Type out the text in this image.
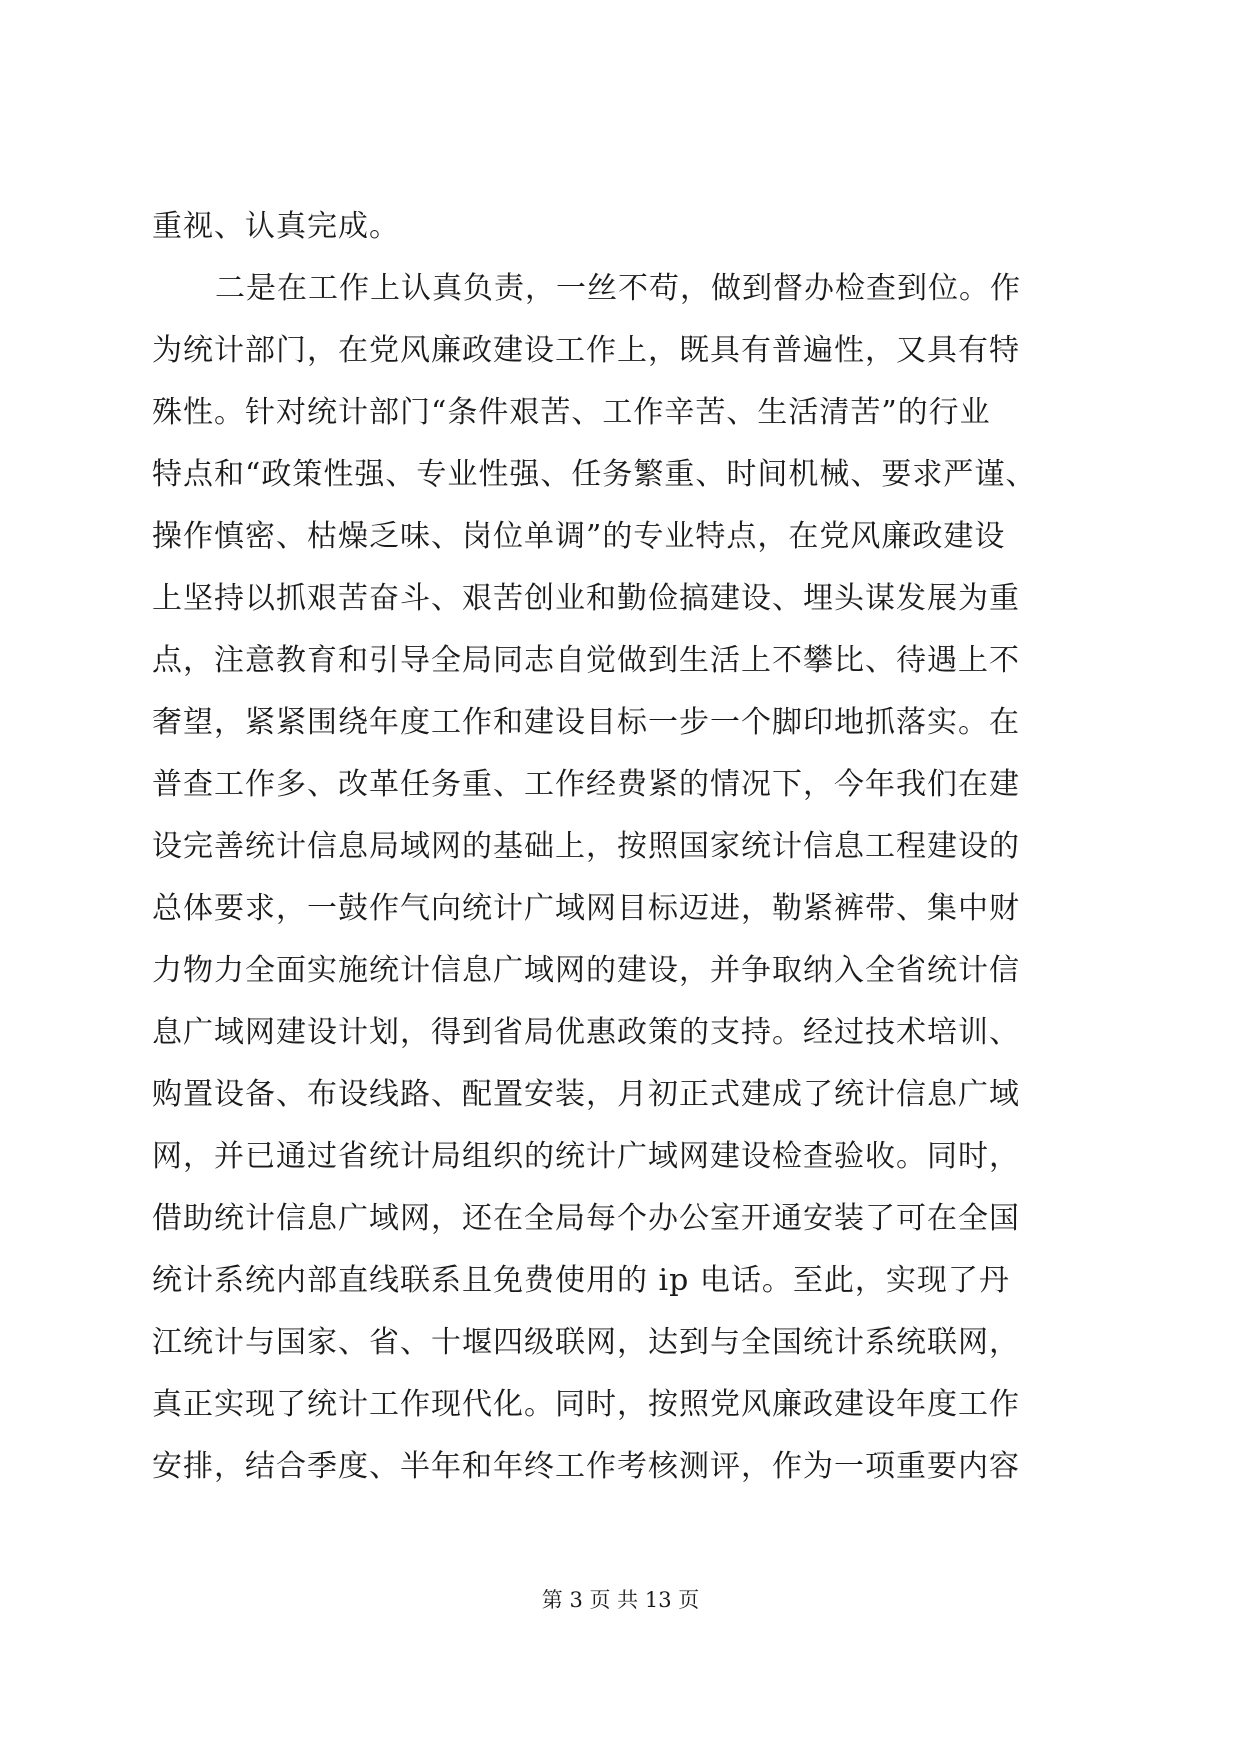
重视、认真完成。
二是在工作上认真负责，一丝不苟，做到督办检查到位。作
为统计部门，在党风廉政建设工作上，既具有普遍性，又具有特
殊性。针对统计部门“条件艰苦、工作辛苦、生活清苦”的行业
特点和“政策性强、专业性强、任务繁重、时间机械、要求严谨、
操作慎密、枯燥乏味、岗位单调”的专业特点，在党风廉政建设
上坚持以抓艰苦奋斗、艰苦创业和勤俭搞建设、埋头谋发展为重
点，注意教育和引导全局同志自觉做到生活上不攀比、待遇上不
奢望，紧紧围绕年度工作和建设目标一步一个脚印地抓落实。在
普查工作多、改革任务重、工作经费紧的情况下，今年我们在建
设完善统计信息局域网的基础上，按照国家统计信息工程建设的
总体要求，一鼓作气向统计广域网目标迈进，勒紧裤带、集中财
力物力全面实施统计信息广域网的建设，并争取纳入全省统计信
息广域网建设计划，得到省局优惠政策的支持。经过技术培训、
购置设备、布设线路、配置安装，月初正式建成了统计信息广域
网，并已通过省统计局组织的统计广域网建设检查验收。同时，
借助统计信息广域网，还在全局每个办公室开通安装了可在全国
统计系统内部直线联系且免费使用的 ip 电话。至此，实现了丹
江统计与国家、省、十堰四级联网，达到与全国统计系统联网，
真正实现了统计工作现代化。同时，按照党风廉政建设年度工作
安排，结合季度、半年和年终工作考核测评，作为一项重要内容
第 3 页 共 13 页
